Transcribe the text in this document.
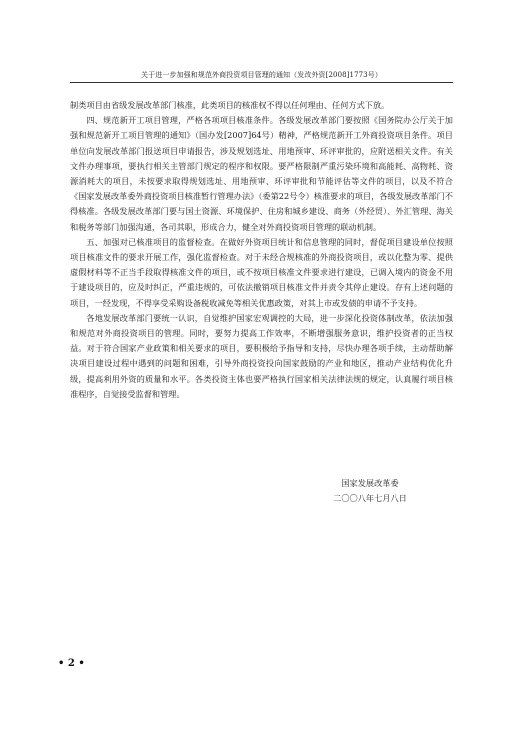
关于进一步加强和规范外商投资项目管理的通知（发改外资[2008]1773号）

制类项目由省级发展改革部门核准，此类项目的核准权不得以任何理由、任何方式下放。

四、规范新开工项目管理，严格各项项目核准条件。各级发展改革部门要按照《国务院办公厅关于加强和规范新开工项目管理的通知》（国办发[2007]64号）精神，严格规范新开工外商投资项目条件。项目单位向发展改革部门报送项目申请报告，涉及规划选址、用地预审、环评审批的，应附送相关文件。有关文件办理事项，要执行相关主管部门规定的程序和权限。要严格限制严重污染环境和高能耗、高物耗、资源消耗大的项目，未按要求取得规划选址、用地预审、环评审批和节能评估等文件的项目，以及不符合《国家发展改革委外商投资项目核准暂行管理办法》（委第22号令）核准要求的项目，各级发展改革部门不得核准。各级发展改革部门要与国土资源、环境保护、住房和城乡建设、商务（外经贸）、外汇管理、海关和税务等部门加强沟通，各司其职，形成合力，健全对外商投资项目管理的联动机制。

五、加强对已核准项目的监督检查。在做好外资项目统计和信息管理的同时，督促项目建设单位按照项目核准文件的要求开展工作，强化监督检查。对于未经合规核准的外商投资项目，或以化整为零、提供虚假材料等不正当手段取得核准文件的项目，或不按项目核准文件要求进行建设，已调入境内的资金不用于建设项目的，应及时纠正，严重违规的，可依法撤销项目核准文件并责令其停止建设。存有上述问题的项目，一经发现，不得享受采购设备税收减免等相关优惠政策，对其上市或发债的申请不予支持。

各地发展改革部门要统一认识，自觉维护国家宏观调控的大局，进一步深化投资体制改革，依法加强和规范对外商投资项目的管理。同时，要努力提高工作效率，不断增强服务意识，维护投资者的正当权益。对于符合国家产业政策和相关要求的项目，要积极给予指导和支持，尽快办理各项手续，主动帮助解决项目建设过程中遇到的问题和困难，引导外商投资投向国家鼓励的产业和地区，推动产业结构优化升级，提高利用外资的质量和水平。各类投资主体也要严格执行国家相关法律法规的规定，认真履行项目核准程序，自觉接受监督和管理。

国家发展改革委
二〇〇八年七月八日
• 2 •
